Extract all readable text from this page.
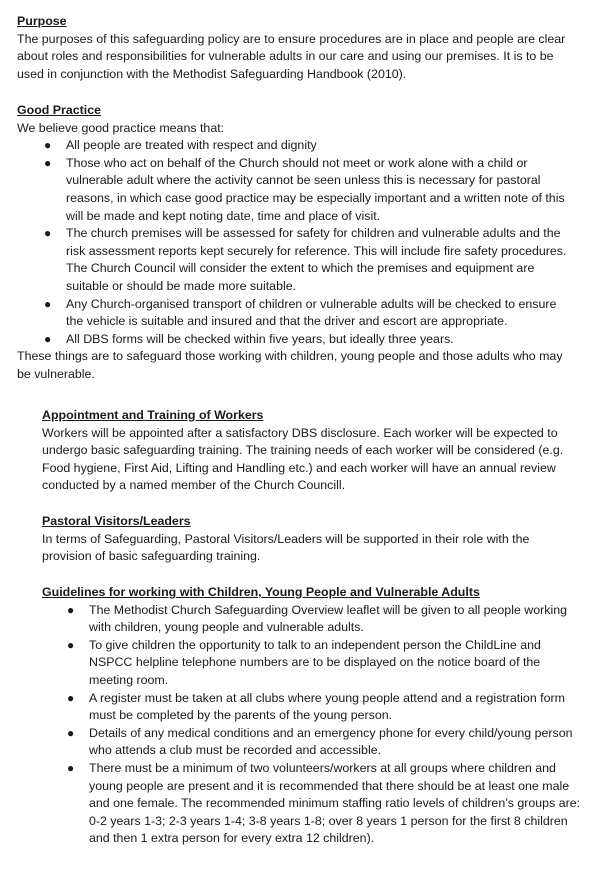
Purpose

The purposes of this safeguarding policy are to ensure procedures are in place and people are clear about roles and responsibilities for vulnerable adults in our care and using our premises. It is to be used in conjunction with the Methodist Safeguarding Handbook (2010).

Good Practice

We believe good practice means that:

● All people are treated with respect and dignity
● Those who act on behalf of the Church should not meet or work alone with a child or vulnerable adult where the activity cannot be seen unless this is necessary for pastoral reasons, in which case good practice may be especially important and a written note of this will be made and kept noting date, time and place of visit.
● The church premises will be assessed for safety for children and vulnerable adults and the risk assessment reports kept securely for reference. This will include fire safety procedures. The Church Council will consider the extent to which the premises and equipment are suitable or should be made more suitable.
● Any Church-organised transport of children or vulnerable adults will be checked to ensure the vehicle is suitable and insured and that the driver and escort are appropriate.
● All DBS forms will be checked within five years, but ideally three years.

These things are to safeguard those working with children, young people and those adults who may be vulnerable.

Appointment and Training of Workers

Workers will be appointed after a satisfactory DBS disclosure. Each worker will be expected to undergo basic safeguarding training. The training needs of each worker will be considered (e.g. Food hygiene, First Aid, Lifting and Handling etc.) and each worker will have an annual review conducted by a named member of the Church Councill.

Pastoral Visitors/Leaders

In terms of Safeguarding, Pastoral Visitors/Leaders will be supported in their role with the provision of basic safeguarding training.

Guidelines for working with Children, Young People and Vulnerable Adults
● The Methodist Church Safeguarding Overview leaflet will be given to all people working with children, young people and vulnerable adults.
● To give children the opportunity to talk to an independent person the ChildLine and NSPCC helpline telephone numbers are to be displayed on the notice board of the meeting room.
● A register must be taken at all clubs where young people attend and a registration form must be completed by the parents of the young person.
● Details of any medical conditions and an emergency phone for every child/young person who attends a club must be recorded and accessible.
● There must be a minimum of two volunteers/workers at all groups where children and young people are present and it is recommended that there should be at least one male and one female. The recommended minimum staffing ratio levels of children’s groups are: 0-2 years 1-3; 2-3 years 1-4; 3-8 years 1-8; over 8 years 1 person for the first 8 children and then 1 extra person for every extra 12 children).
